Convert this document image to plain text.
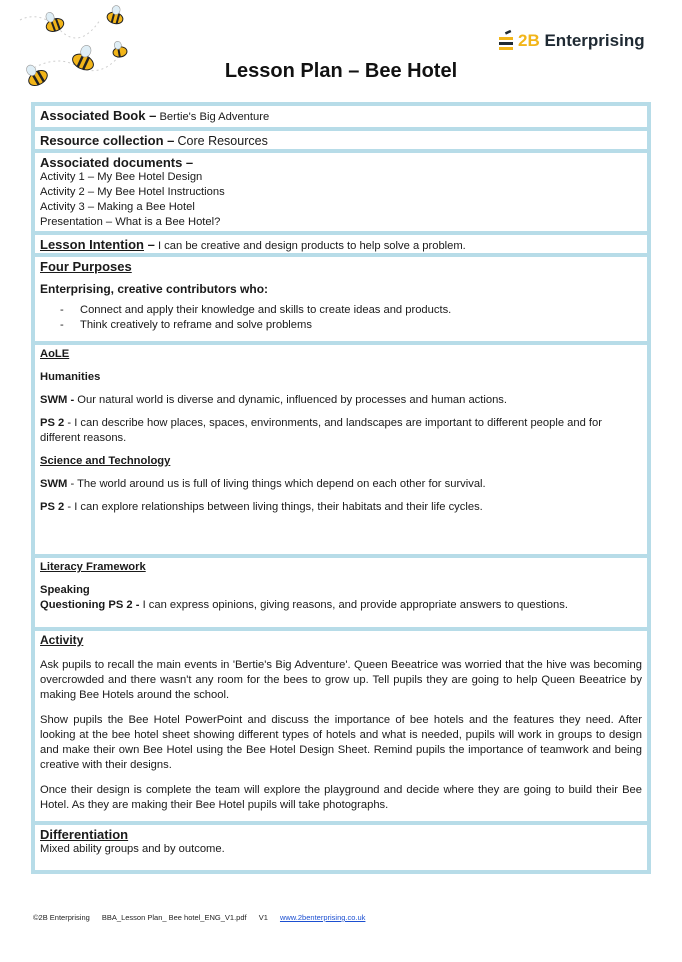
2B Enterprising
Lesson Plan – Bee Hotel
Associated Book – Bertie's Big Adventure
Resource collection – Core Resources
Associated documents –
Activity 1 – My Bee Hotel Design
Activity 2 – My Bee Hotel Instructions
Activity 3 – Making a Bee Hotel
Presentation – What is a Bee Hotel?
Lesson Intention – I can be creative and design products to help solve a problem.
Four Purposes
Enterprising, creative contributors who:
-	Connect and apply their knowledge and skills to create ideas and products.
-	Think creatively to reframe and solve problems
AoLE
Humanities
SWM - Our natural world is diverse and dynamic, influenced by processes and human actions.
PS 2 - I can describe how places, spaces, environments, and landscapes are important to different people and for different reasons.
Science and Technology
SWM - The world around us is full of living things which depend on each other for survival.
PS 2 - I can explore relationships between living things, their habitats and their life cycles.
Literacy Framework
Speaking
Questioning PS 2 - I can express opinions, giving reasons, and provide appropriate answers to questions.
Activity
Ask pupils to recall the main events in 'Bertie's Big Adventure'. Queen Beeatrice was worried that the hive was becoming overcrowded and there wasn't any room for the bees to grow up. Tell pupils they are going to help Queen Beeatrice by making Bee Hotels around the school.
Show pupils the Bee Hotel PowerPoint and discuss the importance of bee hotels and the features they need. After looking at the bee hotel sheet showing different types of hotels and what is needed, pupils will work in groups to design and make their own Bee Hotel using the Bee Hotel Design Sheet. Remind pupils the importance of teamwork and being creative with their designs.
Once their design is complete the team will explore the playground and decide where they are going to build their Bee Hotel. As they are making their Bee Hotel pupils will take photographs.
Differentiation
Mixed ability groups and by outcome.
©2B Enterprising BBA_Lesson Plan_ Bee hotel_ENG_V1.pdf V1 www.2benterprising.co.uk
